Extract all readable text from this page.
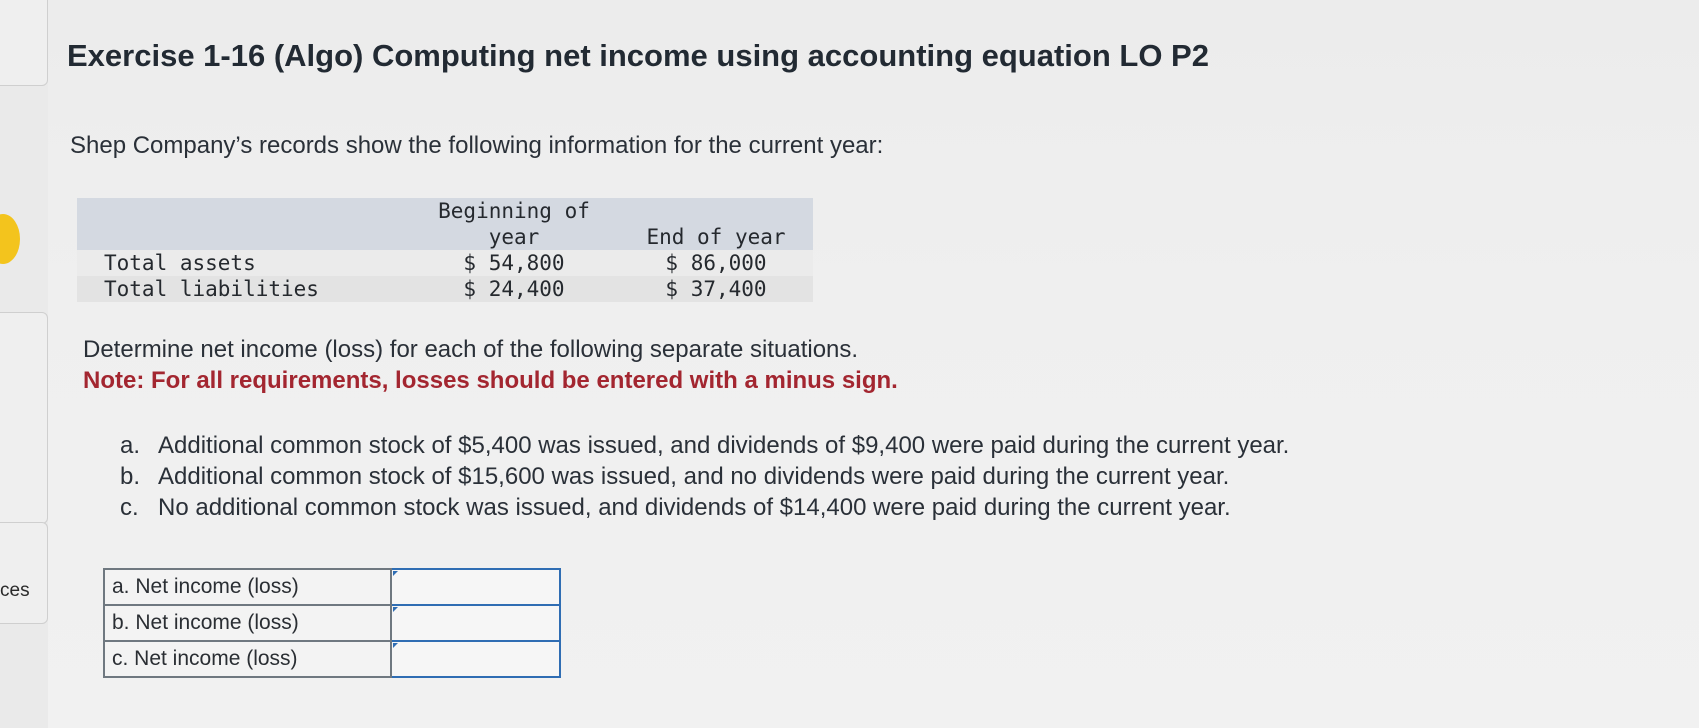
ces
Exercise 1-16 (Algo) Computing net income using accounting equation LO P2

Shep Company’s records show the following information for the current year:

	Beginning of year	End of year
Total assets	$ 54,800	$ 86,000
Total liabilities	$ 24,400	$ 37,400

Determine net income (loss) for each of the following separate situations.

Note: For all requirements, losses should be entered with a minus sign.

a. Additional common stock of $5,400 was issued, and dividends of $9,400 were paid during the current year.
b. Additional common stock of $15,600 was issued, and no dividends were paid during the current year.
c. No additional common stock was issued, and dividends of $14,400 were paid during the current year.
a. Net income (loss)	

b. Net income (loss)	

c. Net income (loss)	
